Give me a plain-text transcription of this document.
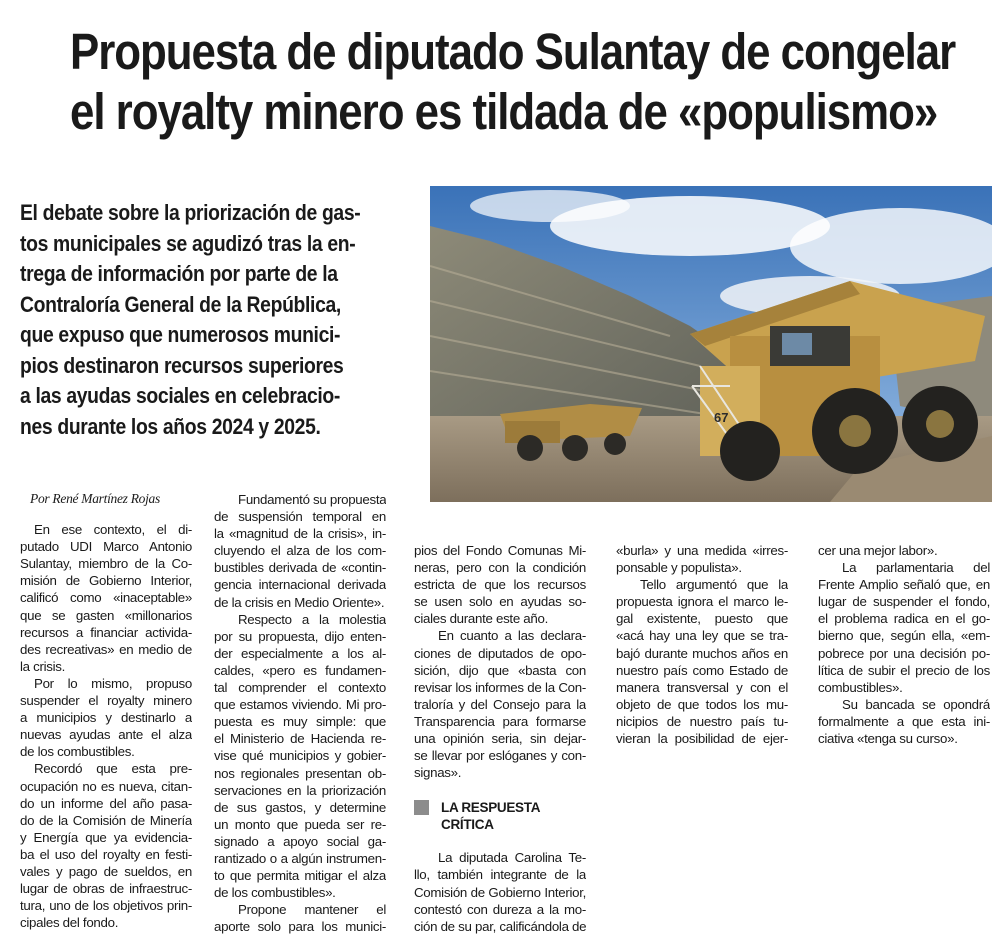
Propuesta de diputado Sulantay de congelar
el royalty minero es tildada de «populismo»
El debate sobre la priorización de gas-
tos municipales se agudizó tras la en-
trega de información por parte de la
Contraloría General de la República,
que expuso que numerosos munici-
pios destinaron recursos superiores
a las ayudas sociales en celebracio-
nes durante los años 2024 y 2025.	67
Por René Martínez Rojas
En ese contexto, el di-
putado UDI Marco Antonio
Sulantay, miembro de la Co-
misión de Gobierno Interior,
calificó como «inaceptable»
que se gasten «millonarios
recursos a financiar activida-
des recreativas» en medio de
la crisis.
Por lo mismo, propuso
suspender el royalty minero
a municipios y destinarlo a
nuevas ayudas ante el alza
de los combustibles.
Recordó que esta pre-
ocupación no es nueva, citan-
do un informe del año pasa-
do de la Comisión de Minería
y Energía que ya evidencia-
ba el uso del royalty en festi-
vales y pago de sueldos, en
lugar de obras de infraestruc-
tura, uno de los objetivos prin-
cipales del fondo.
Fundamentó su propuesta
de suspensión temporal en
la «magnitud de la crisis», in-
cluyendo el alza de los com-
bustibles derivada de «contin-
gencia internacional derivada
de la crisis en Medio Oriente».
Respecto a la molestia
por su propuesta, dijo enten-
der especialmente a los al-
caldes, «pero es fundamen-
tal comprender el contexto
que estamos viviendo. Mi pro-
puesta es muy simple: que
el Ministerio de Hacienda re-
vise qué municipios y gobier-
nos regionales presentan ob-
servaciones en la priorización
de sus gastos, y determine
un monto que pueda ser re-
signado a apoyo social ga-
rantizado o a algún instrumen-
to que permita mitigar el alza
de los combustibles».
Propone mantener el
aporte solo para los munici-
pios del Fondo Comunas Mi-
neras, pero con la condición
estricta de que los recursos
se usen solo en ayudas so-
ciales durante este año.
En cuanto a las declara-
ciones de diputados de opo-
sición, dijo que «basta con
revisar los informes de la Con-
traloría y del Consejo para la
Transparencia para formarse
una opinión seria, sin dejar-
se llevar por eslóganes y con-
signas».
LA RESPUESTA
CRÍTICA
La diputada Carolina Te-
llo, también integrante de la
Comisión de Gobierno Interior,
contestó con dureza a la mo-
ción de su par, calificándola de
«burla» y una medida «irres-
ponsable y populista».
Tello argumentó que la
propuesta ignora el marco le-
gal existente, puesto que
«acá hay una ley que se tra-
bajó durante muchos años en
nuestro país como Estado de
manera transversal y con el
objeto de que todos los mu-
nicipios de nuestro país tu-
vieran la posibilidad de ejer-
cer una mejor labor».
La parlamentaria del
Frente Amplio señaló que, en
lugar de suspender el fondo,
el problema radica en el go-
bierno que, según ella, «em-
pobrece por una decisión po-
lítica de subir el precio de los
combustibles».
Su bancada se opondrá
formalmente a que esta ini-
ciativa «tenga su curso».
